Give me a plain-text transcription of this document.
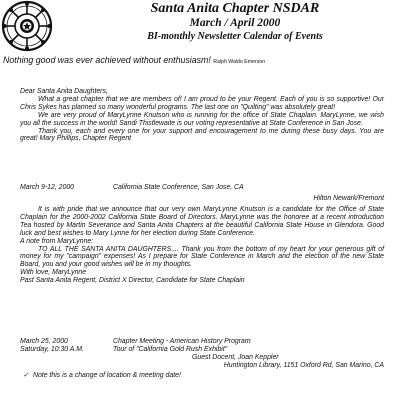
Santa Anita Chapter NSDAR
March / April 2000
BI-monthly Newsletter Calendar of Events
Nothing good was ever achieved without enthusiasm! Ralph Waldo Emerson
Dear Santa Anita Daughters,
What a great chapter that we are members of! I am proud to be your Regent. Each of you is so supportive! Our Chris Sykes has planned so many wonderful programs. The last one on "Quilting" was absolutely great!
We are very proud of MaryLynne Knutson who is running for the office of State Chaplain. MaryLynne, we wish you all the success in the world! Sandi Thistlewaite is our voting representative at State Conference in San Jose.
Thank you, each and every one for your support and encouragement to me during these busy days. You are great! Mary Phillips, Chapter Regent
March 9-12, 2000	California State Conference, San Jose, CA
Hilton Newark/Fremont
It is with pride that we announce that our very own MaryLynne Knutson is a candidate for the Office of State Chaplain for the 2000-2002 California State Board of Directors. MaryLynne was the honoree at a recent introduction Tea hosted by Martin Severance and Santa Anita Chapters at the beautiful California State House in Glendora. Good luck and best wishes to Mary Lynne for her election during State Conference.
A note from MaryLynne:
TO ALL THE SANTA ANITA DAUGHTERS.... Thank you from the bottom of my heart for your generous gift of money for my "campaign" expenses! As I prepare for State Conference in March and the election of the new State Board, you and your good wishes will be in my thoughts.
With love, MaryLynne
Past Santa Anita Regent, District X Director, Candidate for State Chaplain
March 25, 2000	Chapter Meeting - American History Program
Saturday, 10:30 A.M.	Tour of "California Gold Rush Exhibit"
Guest Docent, Joan Keppler
Huntington Library, 1151 Oxford Rd, San Marino, CA
✓ Note this is a change of location & meeting date!
